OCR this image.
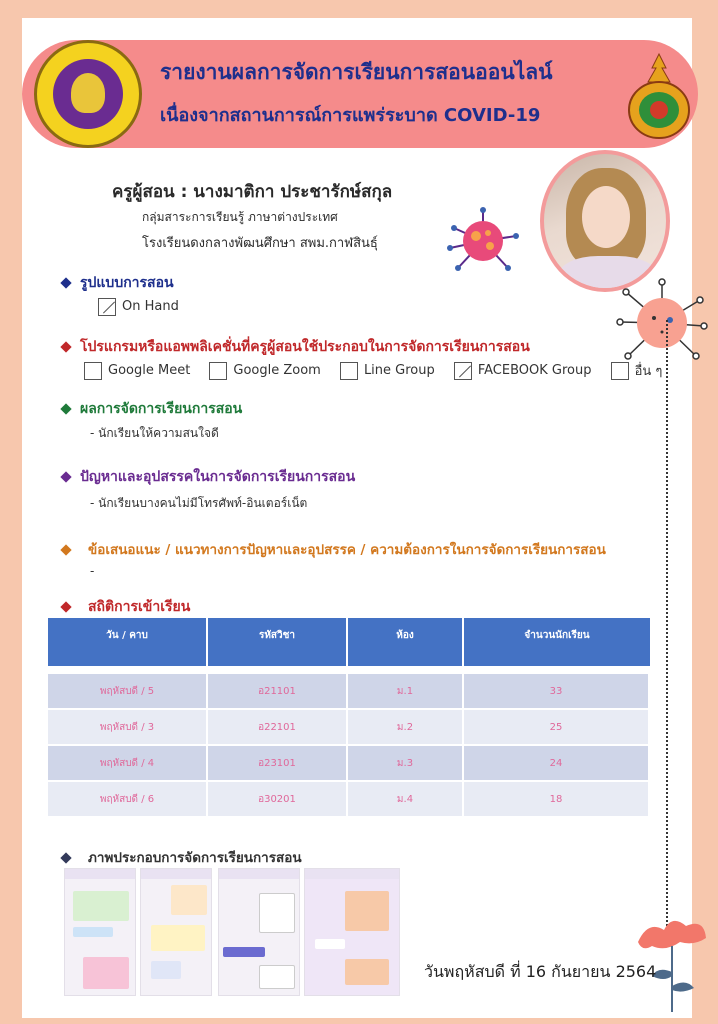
รายงานผลการจัดการเรียนการสอนออนไลน์
เนื่องจากสถานการณ์การแพร่ระบาด COVID-19
ครูผู้สอน : นางมาติกา ประชารักษ์สกุล
กลุ่มสาระการเรียนรู้ ภาษาต่างประเทศ
โรงเรียนดงกลางพัฒนศึกษา สพม.กาฬสินธุ์
รูปแบบการสอน
On Hand
โปรแกรมหรือแอพพลิเคชั่นที่ครูผู้สอนใช้ประกอบในการจัดการเรียนการสอน
Google Meet	Google Zoom	Line Group	FACEBOOK Group	อื่น ๆ
ผลการจัดการเรียนการสอน
- นักเรียนให้ความสนใจดี
ปัญหาและอุปสรรคในการจัดการเรียนการสอน
- นักเรียนบางคนไม่มีโทรศัพท์-อินเตอร์เน็ต
ข้อเสนอแนะ / แนวทางการปัญหาและอุปสรรค / ความต้องการในการจัดการเรียนการสอน
-
สถิติการเข้าเรียน
วัน / คาบ	รหัสวิชา	ห้อง	จำนวนนักเรียน

พฤหัสบดี / 5	อ21101	ม.1	33
พฤหัสบดี / 3	อ22101	ม.2	25
พฤหัสบดี / 4	อ23101	ม.3	24
พฤหัสบดี / 6	อ30201	ม.4	18
ภาพประกอบการจัดการเรียนการสอน
วันพฤหัสบดี ที่ 16 กันยายน 2564
